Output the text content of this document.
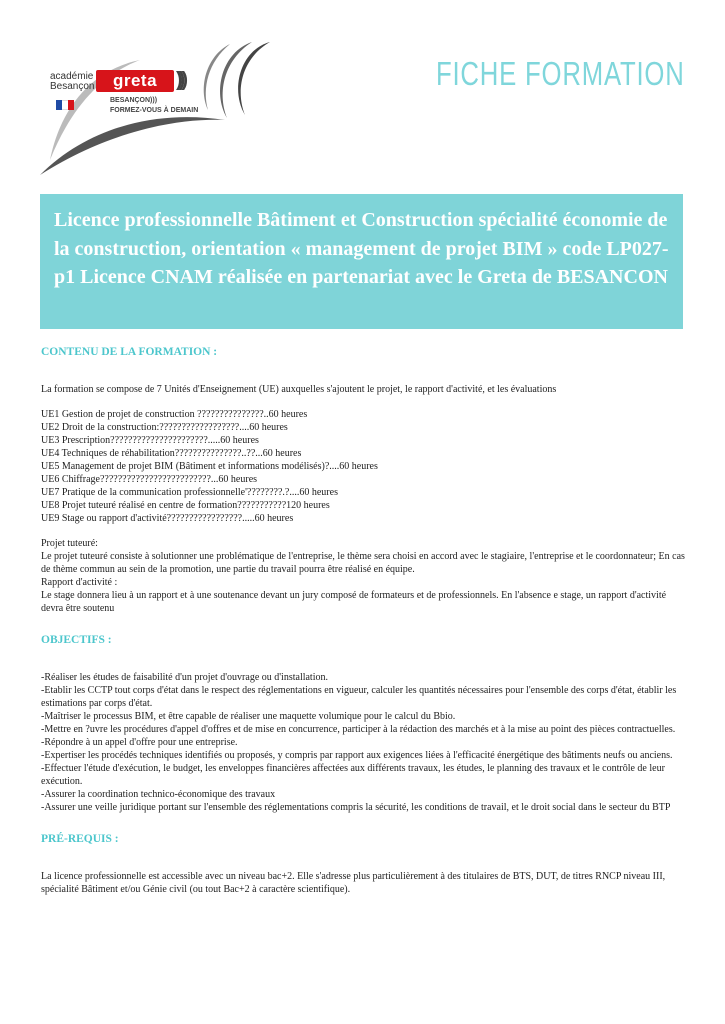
académie
Besançon	greta )))
BESANÇON)))
FORMEZ-VOUS À DEMAIN
FICHE FORMATION
Licence professionnelle Bâtiment et Construction spécialité économie de la construction, orientation « management de projet BIM » code LP027-p1 Licence CNAM réalisée en partenariat avec le Greta de BESANCON
CONTENU DE LA FORMATION :

La formation se compose de 7 Unités d'Enseignement (UE) auxquelles s'ajoutent le projet, le rapport d'activité, et les évaluations

UE1 Gestion de projet de construction ???????????????..60 heures

UE2 Droit de la construction:??????????????????....60 heures

UE3 Prescription??????????????????????.....60 heures

UE4 Techniques de réhabilitation???????????????..??...60 heures

UE5 Management de projet BIM (Bâtiment et informations modélisés)?....60 heures

UE6 Chiffrage?????????????????????????...60 heures

UE7 Pratique de la communication professionnelle'????????.?....60 heures

UE8 Projet tuteuré réalisé en centre de formation???????????120 heures

UE9 Stage ou rapport d'activité?????????????????.....60 heures

Projet tuteuré:

Le projet tuteuré consiste à solutionner une problématique de l'entreprise, le thème sera choisi en accord avec le stagiaire, l'entreprise et le coordonnateur; En cas de thème commun au sein de la promotion, une partie du travail pourra être réalisé en équipe.

Rapport d'activité :

Le stage donnera lieu à un rapport et à une soutenance devant un jury composé de formateurs et de professionnels. En l'absence e stage, un rapport d'activité devra être soutenu

OBJECTIFS :

-Réaliser les études de faisabilité d'un projet d'ouvrage ou d'installation.

-Etablir les CCTP tout corps d'état dans le respect des réglementations en vigueur, calculer les quantités nécessaires pour l'ensemble des corps d'état, établir les estimations par corps d'état.

-Maîtriser le processus BIM, et être capable de réaliser une maquette volumique pour le calcul du Bbio.

-Mettre en ?uvre les procédures d'appel d'offres et de mise en concurrence, participer à la rédaction des marchés et à la mise au point des pièces contractuelles.

-Répondre à un appel d'offre pour une entreprise.

-Expertiser les procédés techniques identifiés ou proposés, y compris par rapport aux exigences liées à l'efficacité énergétique des bâtiments neufs ou anciens.

-Effectuer l'étude d'exécution, le budget, les enveloppes financières affectées aux différents travaux, les études, le planning des travaux et le contrôle de leur exécution.

-Assurer la coordination technico-économique des travaux

-Assurer une veille juridique portant sur l'ensemble des réglementations compris la sécurité, les conditions de travail, et le droit social dans le secteur du BTP

PRÉ-REQUIS :

La licence professionnelle est accessible avec un niveau bac+2. Elle s'adresse plus particulièrement à des titulaires de BTS, DUT, de titres RNCP niveau III, spécialité Bâtiment et/ou Génie civil (ou tout Bac+2 à caractère scientifique).
